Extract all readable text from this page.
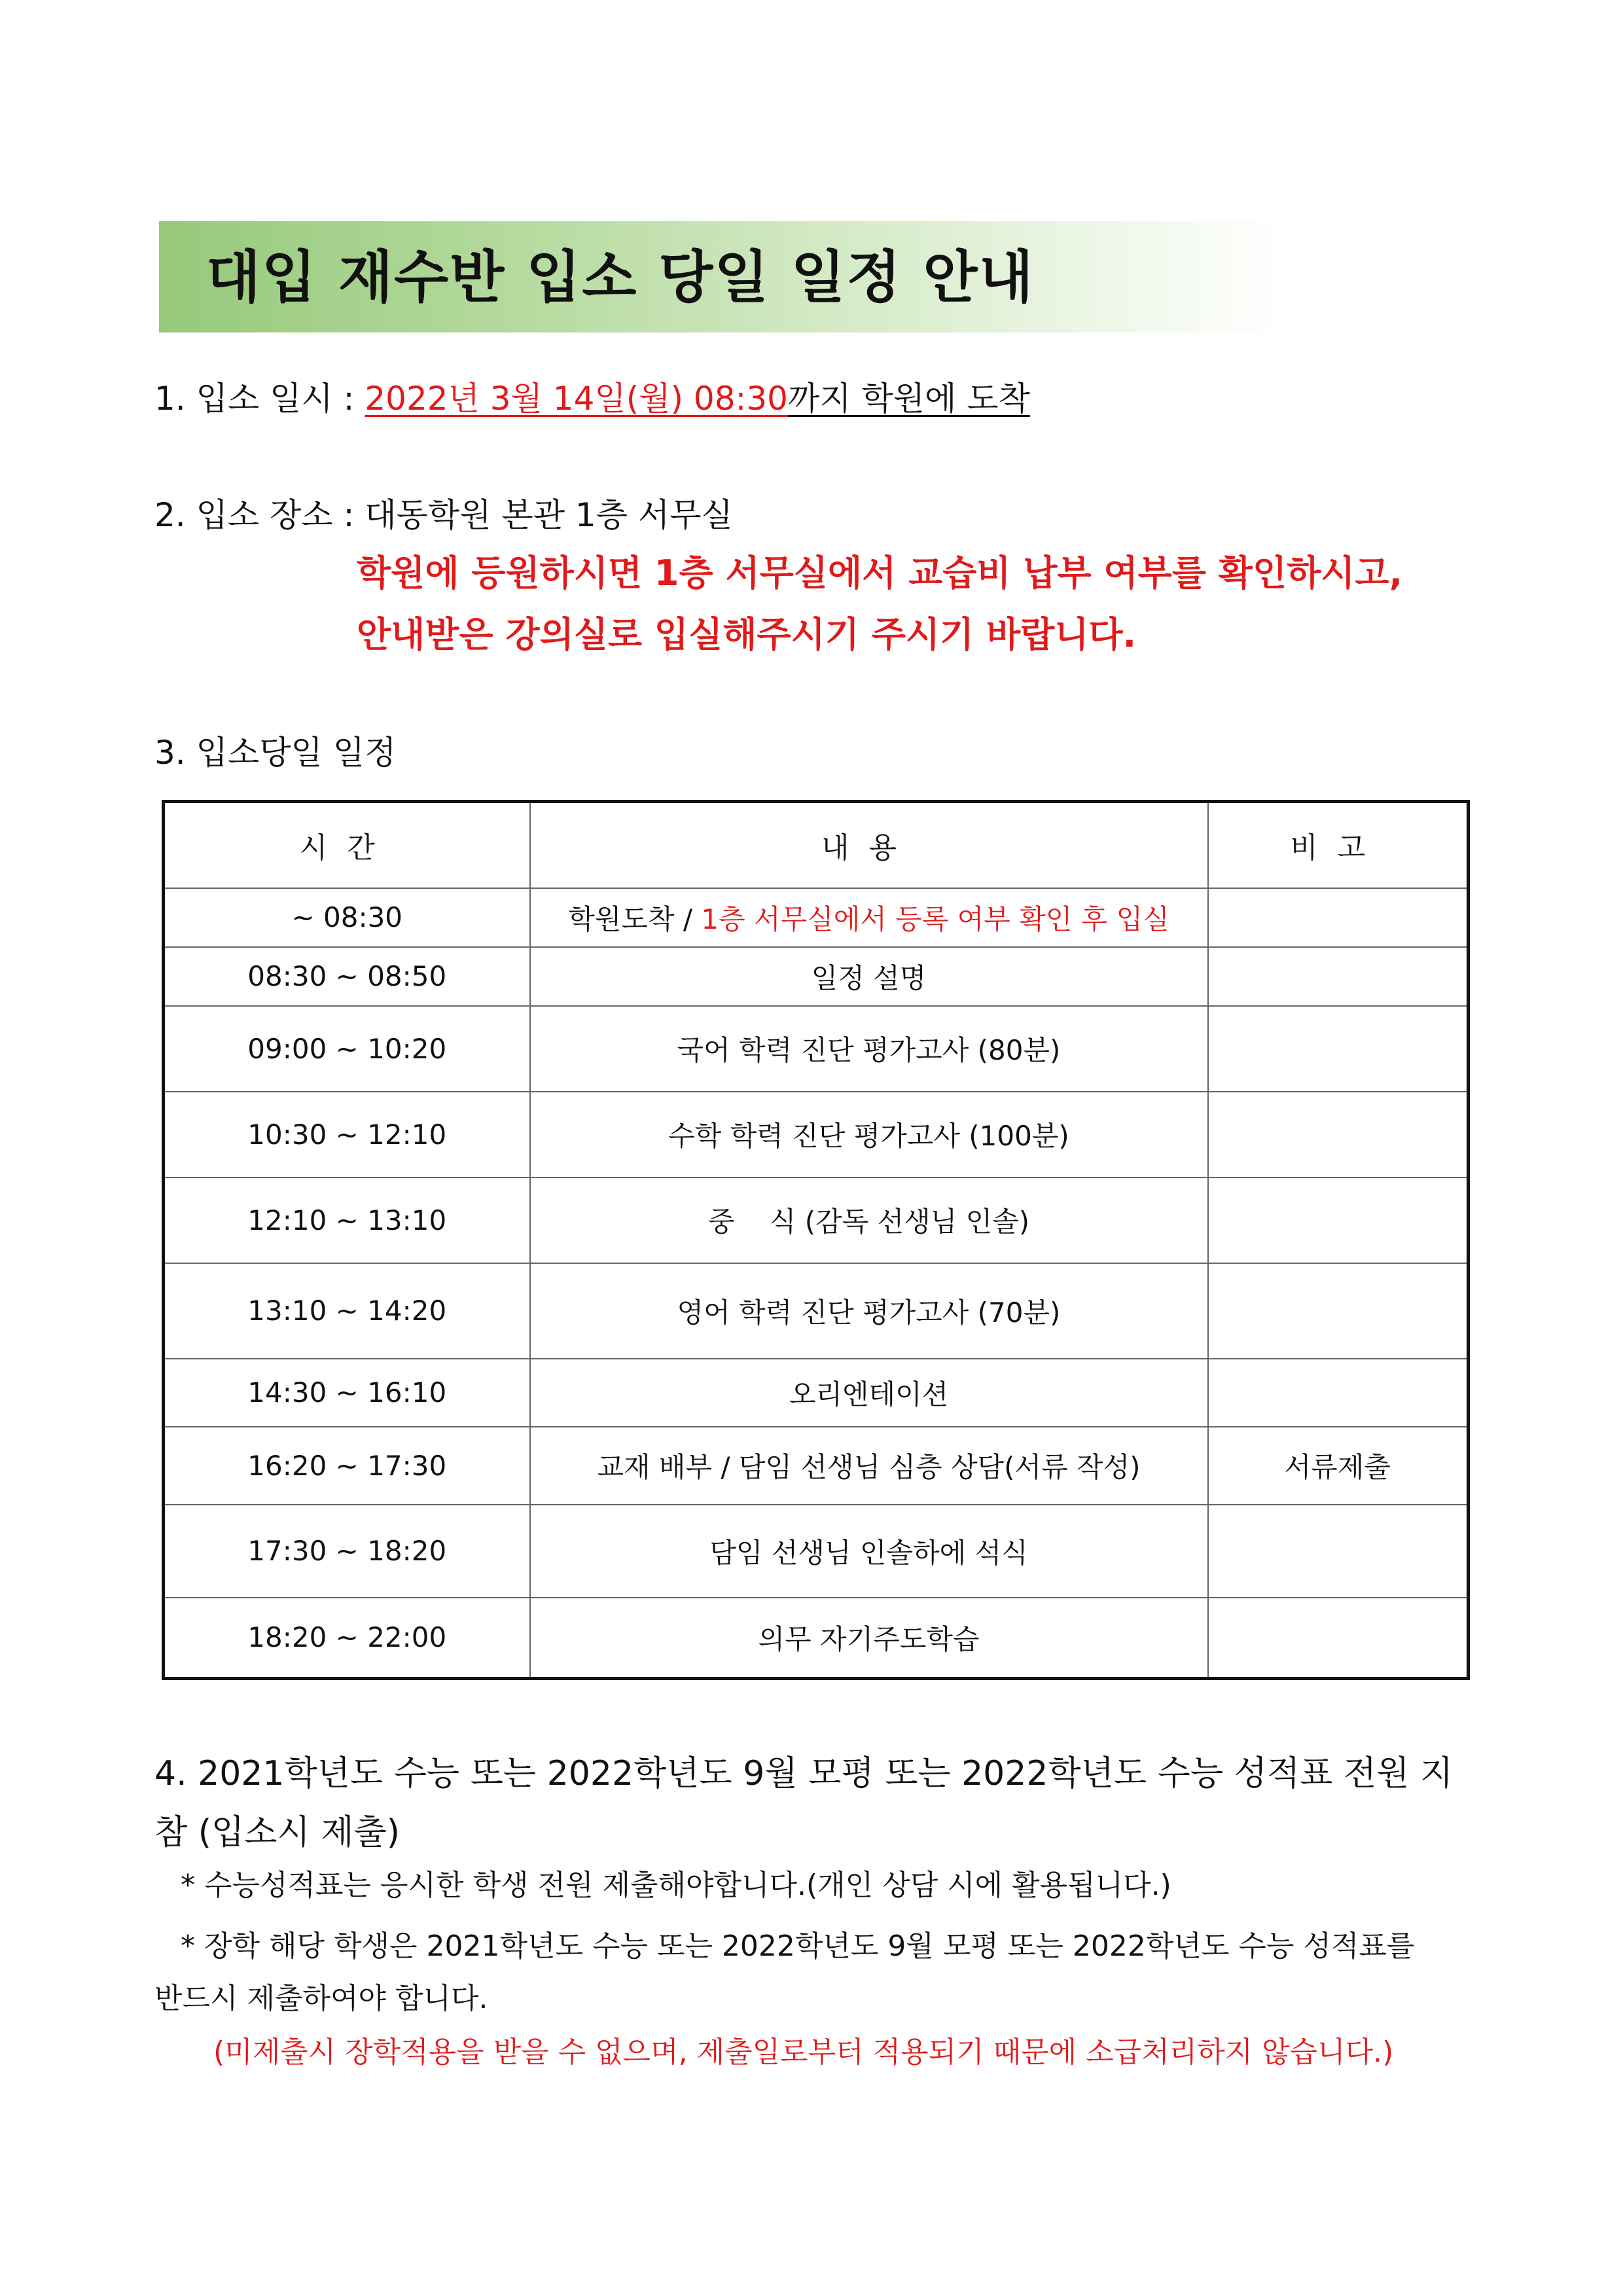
대입 재수반 입소 당일 일정 안내
1. 입소 일시 : 2022년 3월 14일(월) 08:30까지 학원에 도착
2. 입소 장소 : 대동학원 본관 1층 서무실
학원에 등원하시면 1층 서무실에서 교습비 납부 여부를 확인하시고,
안내받은 강의실로 입실해주시기 주시기 바랍니다.
3. 입소당일 일정
시간	내용	비고
~ 08:30	학원도착 / 1층 서무실에서 등록 여부 확인 후 입실	
08:30 ~ 08:50	일정 설명	
09:00 ~ 10:20	국어 학력 진단 평가고사 (80분)	
10:30 ~ 12:10	수학 학력 진단 평가고사 (100분)	
12:10 ~ 13:10	중    식 (감독 선생님 인솔)	
13:10 ~ 14:20	영어 학력 진단 평가고사 (70분)	
14:30 ~ 16:10	오리엔테이션	
16:20 ~ 17:30	교재 배부 / 담임 선생님 심층 상담(서류 작성)	서류제출
17:30 ~ 18:20	담임 선생님 인솔하에 석식	
18:20 ~ 22:00	의무 자기주도학습	
4. 2021학년도 수능 또는 2022학년도 9월 모평 또는 2022학년도 수능 성적표 전원 지참 (입소시 제출)
* 수능성적표는 응시한 학생 전원 제출해야합니다.(개인 상담 시에 활용됩니다.)
* 장학 해당 학생은 2021학년도 수능 또는 2022학년도 9월 모평 또는 2022학년도 수능 성적표를
반드시 제출하여야 합니다.
(미제출시 장학적용을 받을 수 없으며, 제출일로부터 적용되기 때문에 소급처리하지 않습니다.)
